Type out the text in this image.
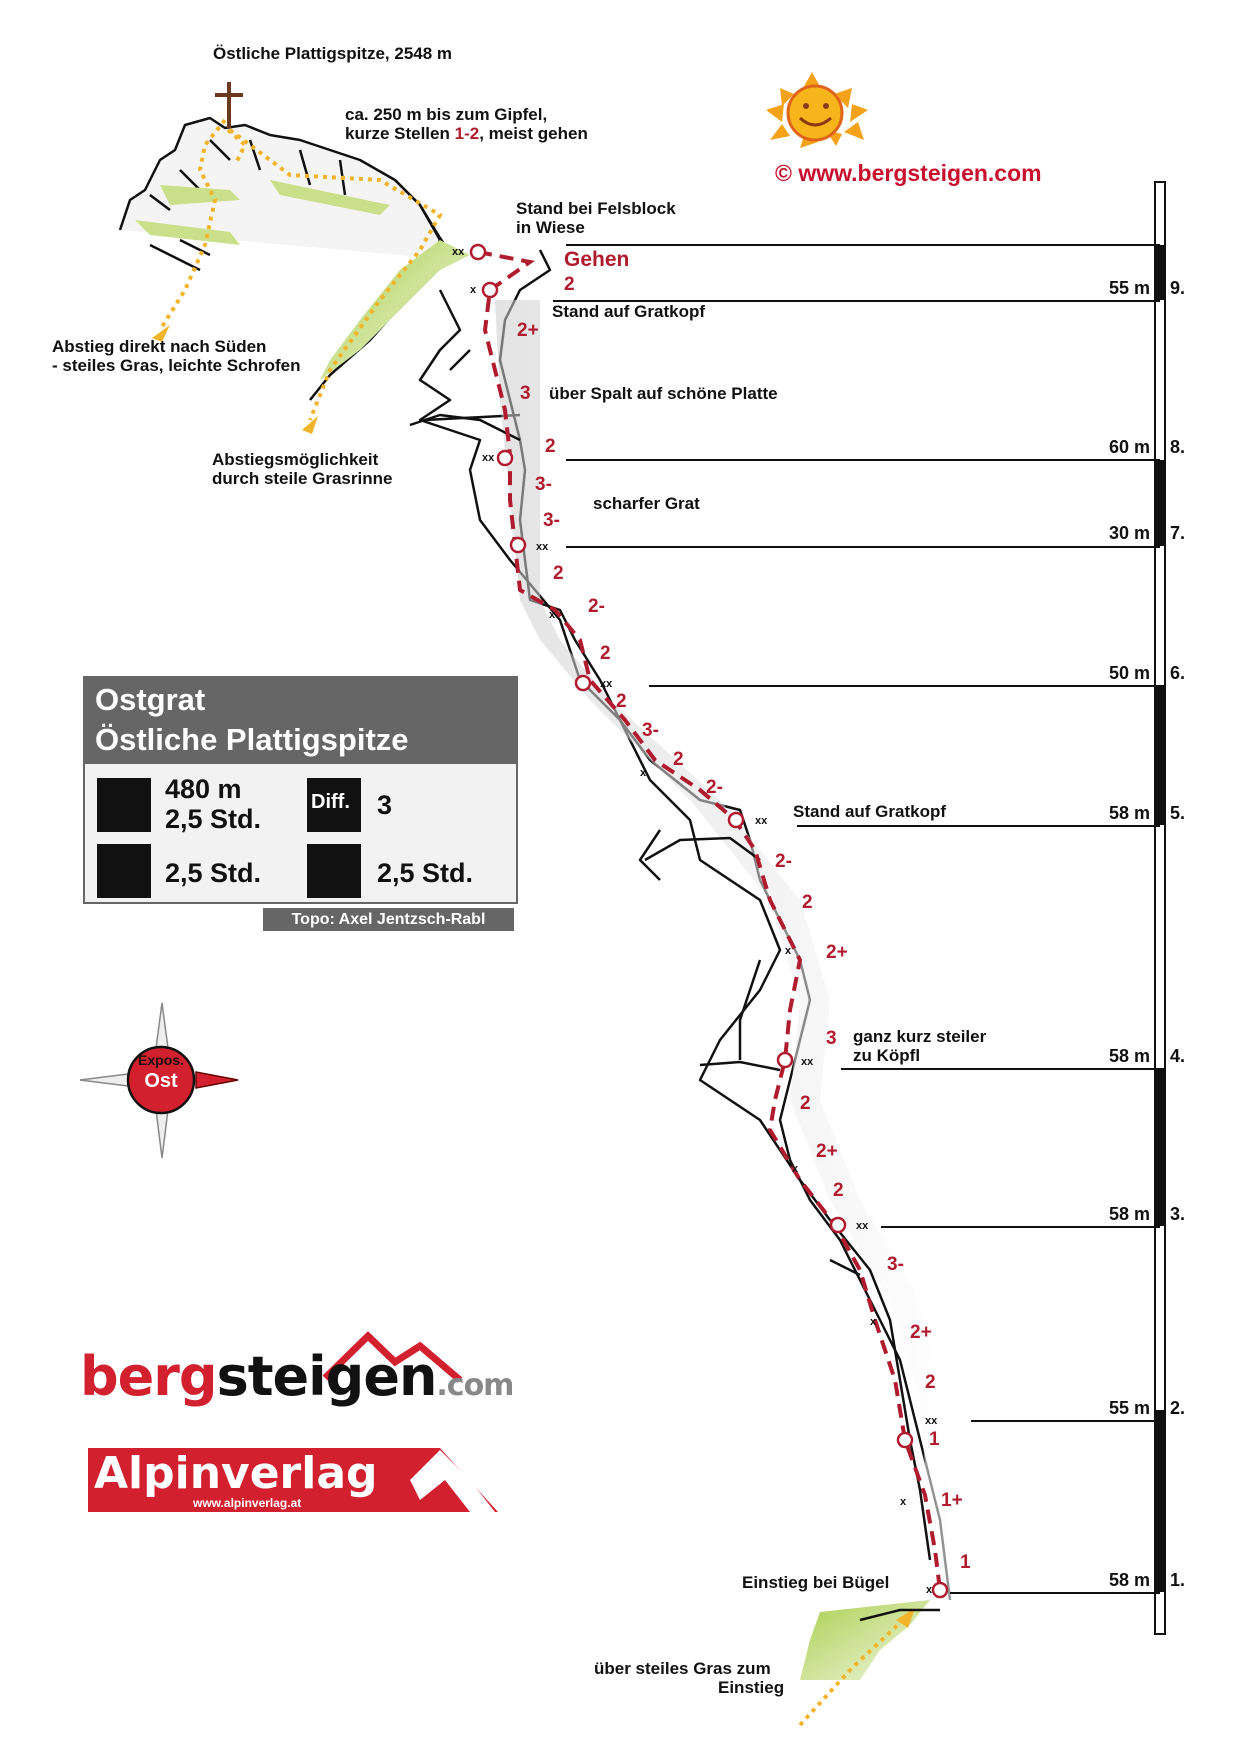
Östliche Plattigspitze, 2548 m
ca. 250 m bis zum Gipfel,
kurze Stellen 1-2, meist gehen
© www.bergsteigen.com
Stand bei Felsblock
in Wiese
Gehen
Stand auf Gratkopf
Abstieg direkt nach Süden
- steiles Gras, leichte Schrofen
über Spalt auf schöne Platte
Abstiegsmöglichkeit
durch steile Grasrinne
scharfer Grat
Stand auf Gratkopf
ganz kurz steiler
zu Köpfl
Einstieg bei Bügel
über steiles Gras zum
Einstieg
55 m 9.
60 m 8.
30 m 7.
50 m 6.
58 m 5.
58 m 4.
58 m 3.
55 m 2.
58 m 1.
2
2+
3
2
3-
3-
2
2-
2
2
3-
2
2-
2-
2
2+
3
2
2+
2
3-
2+
2
1
1+
1
xx
x
xx
xx
x
xx
x
xx
x
xx
x
xx
x
xx
x
x
Ostgrat
Östliche Plattigspitze
480 m
2,5 Std.
Diff. 3
2,5 Std.	2,5 Std.
Topo: Axel Jentzsch-Rabl
Expos.
Ost
bergsteigen.com
Alpinverlag
www.alpinverlag.at
